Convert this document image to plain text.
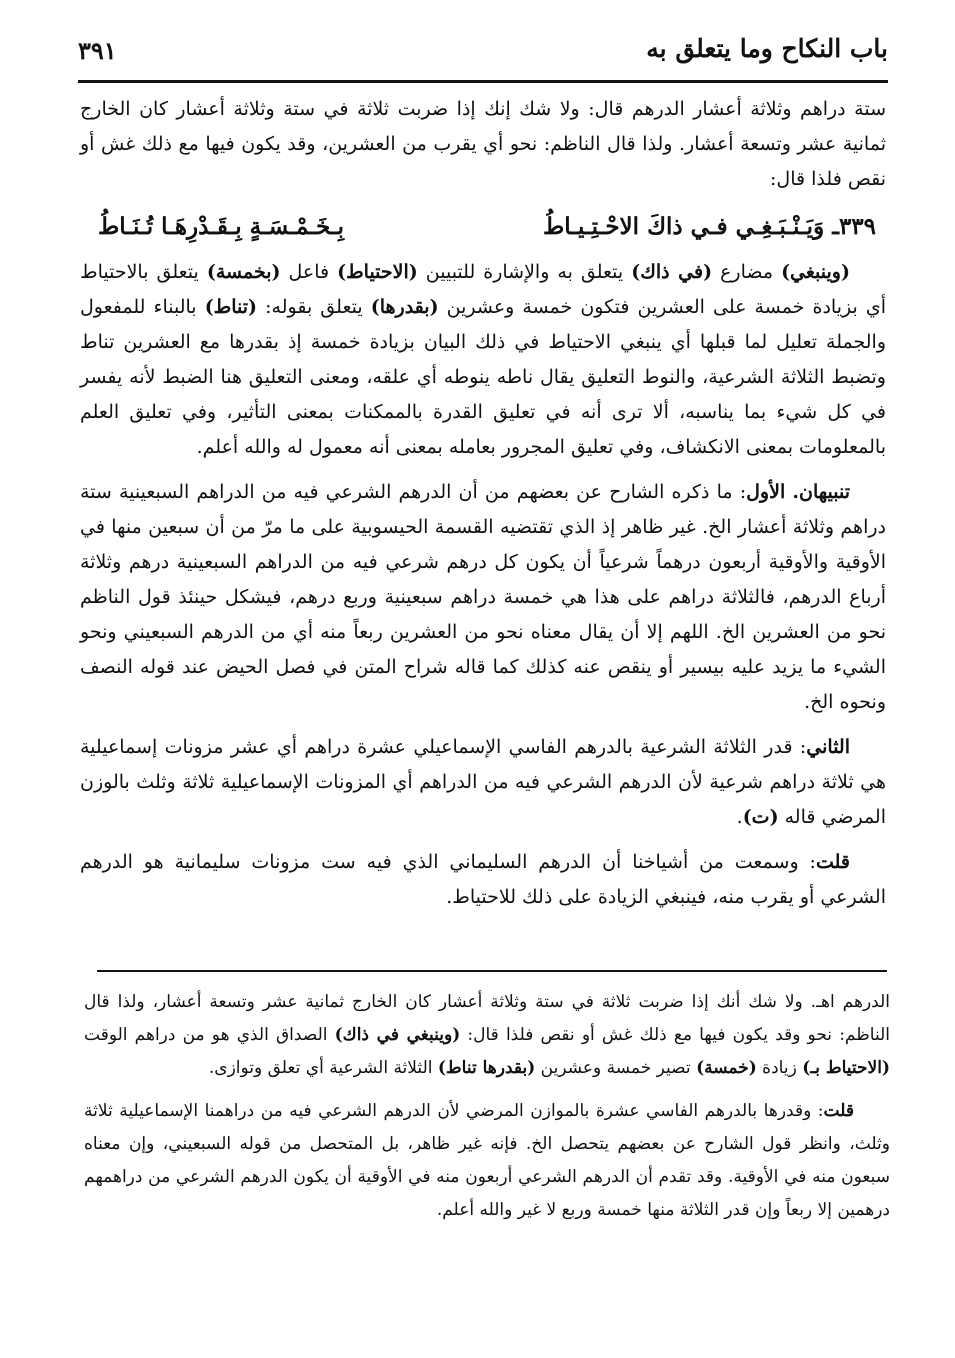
باب النكاح وما يتعلق به
٣٩١

ستة دراهم وثلاثة أعشار الدرهم قال: ولا شك إنك إذا ضربت ثلاثة في ستة وثلاثة أعشار كان الخارج ثمانية عشر وتسعة أعشار. ولذا قال الناظم: نحو أي يقرب من العشرين، وقد يكون فيها مع ذلك غش أو نقص فلذا قال:

٣٣٩ـ وَيَـنْـبَـغِـي فـي ذاكَ الاحْـتِـيـاطُ
بِـخَـمْـسَـةٍ بِـقَـدْرِهَـا تُـنَـاطُ

(وينبغي) مضارع (في ذاك) يتعلق به والإشارة للتبيين (الاحتياط) فاعل (بخمسة) يتعلق بالاحتياط أي بزيادة خمسة على العشرين فتكون خمسة وعشرين (بقدرها) يتعلق بقوله: (تناط) بالبناء للمفعول والجملة تعليل لما قبلها أي ينبغي الاحتياط في ذلك البيان بزيادة خمسة إذ بقدرها مع العشرين تناط وتضبط الثلاثة الشرعية، والنوط التعليق يقال ناطه ينوطه أي علقه، ومعنى التعليق هنا الضبط لأنه يفسر في كل شيء بما يناسبه، ألا ترى أنه في تعليق القدرة بالممكنات بمعنى التأثير، وفي تعليق العلم بالمعلومات بمعنى الانكشاف، وفي تعليق المجرور بعامله بمعنى أنه معمول له والله أعلم.

تنبيهان. الأول: ما ذكره الشارح عن بعضهم من أن الدرهم الشرعي فيه من الدراهم السبعينية ستة دراهم وثلاثة أعشار الخ. غير ظاهر إذ الذي تقتضيه القسمة الحيسوبية على ما مرّ من أن سبعين منها في الأوقية والأوقية أربعون درهماً شرعياً أن يكون كل درهم شرعي فيه من الدراهم السبعينية درهم وثلاثة أرباع الدرهم، فالثلاثة دراهم على هذا هي خمسة دراهم سبعينية وربع درهم، فيشكل حينئذ قول الناظم نحو من العشرين الخ. اللهم إلا أن يقال معناه نحو من العشرين ربعاً منه أي من الدرهم السبعيني ونحو الشيء ما يزيد عليه بيسير أو ينقص عنه كذلك كما قاله شراح المتن في فصل الحيض عند قوله النصف ونحوه الخ.

الثاني: قدر الثلاثة الشرعية بالدرهم الفاسي الإسماعيلي عشرة دراهم أي عشر مزونات إسماعيلية هي ثلاثة دراهم شرعية لأن الدرهم الشرعي فيه من الدراهم أي المزونات الإسماعيلية ثلاثة وثلث بالوزن المرضي قاله (ت).

قلت: وسمعت من أشياخنا أن الدرهم السليماني الذي فيه ست مزونات سليمانية هو الدرهم الشرعي أو يقرب منه، فينبغي الزيادة على ذلك للاحتياط.

الدرهم اهـ. ولا شك أنك إذا ضربت ثلاثة في ستة وثلاثة أعشار كان الخارج ثمانية عشر وتسعة أعشار، ولذا قال الناظم: نحو وقد يكون فيها مع ذلك غش أو نقص فلذا قال: (وينبغي في ذاك) الصداق الذي هو من دراهم الوقت (الاحتياط بـ) زيادة (خمسة) تصير خمسة وعشرين (بقدرها تناط) الثلاثة الشرعية أي تعلق وتوازى.

قلت: وقدرها بالدرهم الفاسي عشرة بالموازن المرضي لأن الدرهم الشرعي فيه من دراهمنا الإسماعيلية ثلاثة وثلث، وانظر قول الشارح عن بعضهم يتحصل الخ. فإنه غير ظاهر، بل المتحصل من قوله السبعيني، وإن معناه سبعون منه في الأوقية. وقد تقدم أن الدرهم الشرعي أربعون منه في الأوقية أن يكون الدرهم الشرعي من دراهمهم درهمين إلا ربعاً وإن قدر الثلاثة منها خمسة وربع لا غير والله أعلم.
